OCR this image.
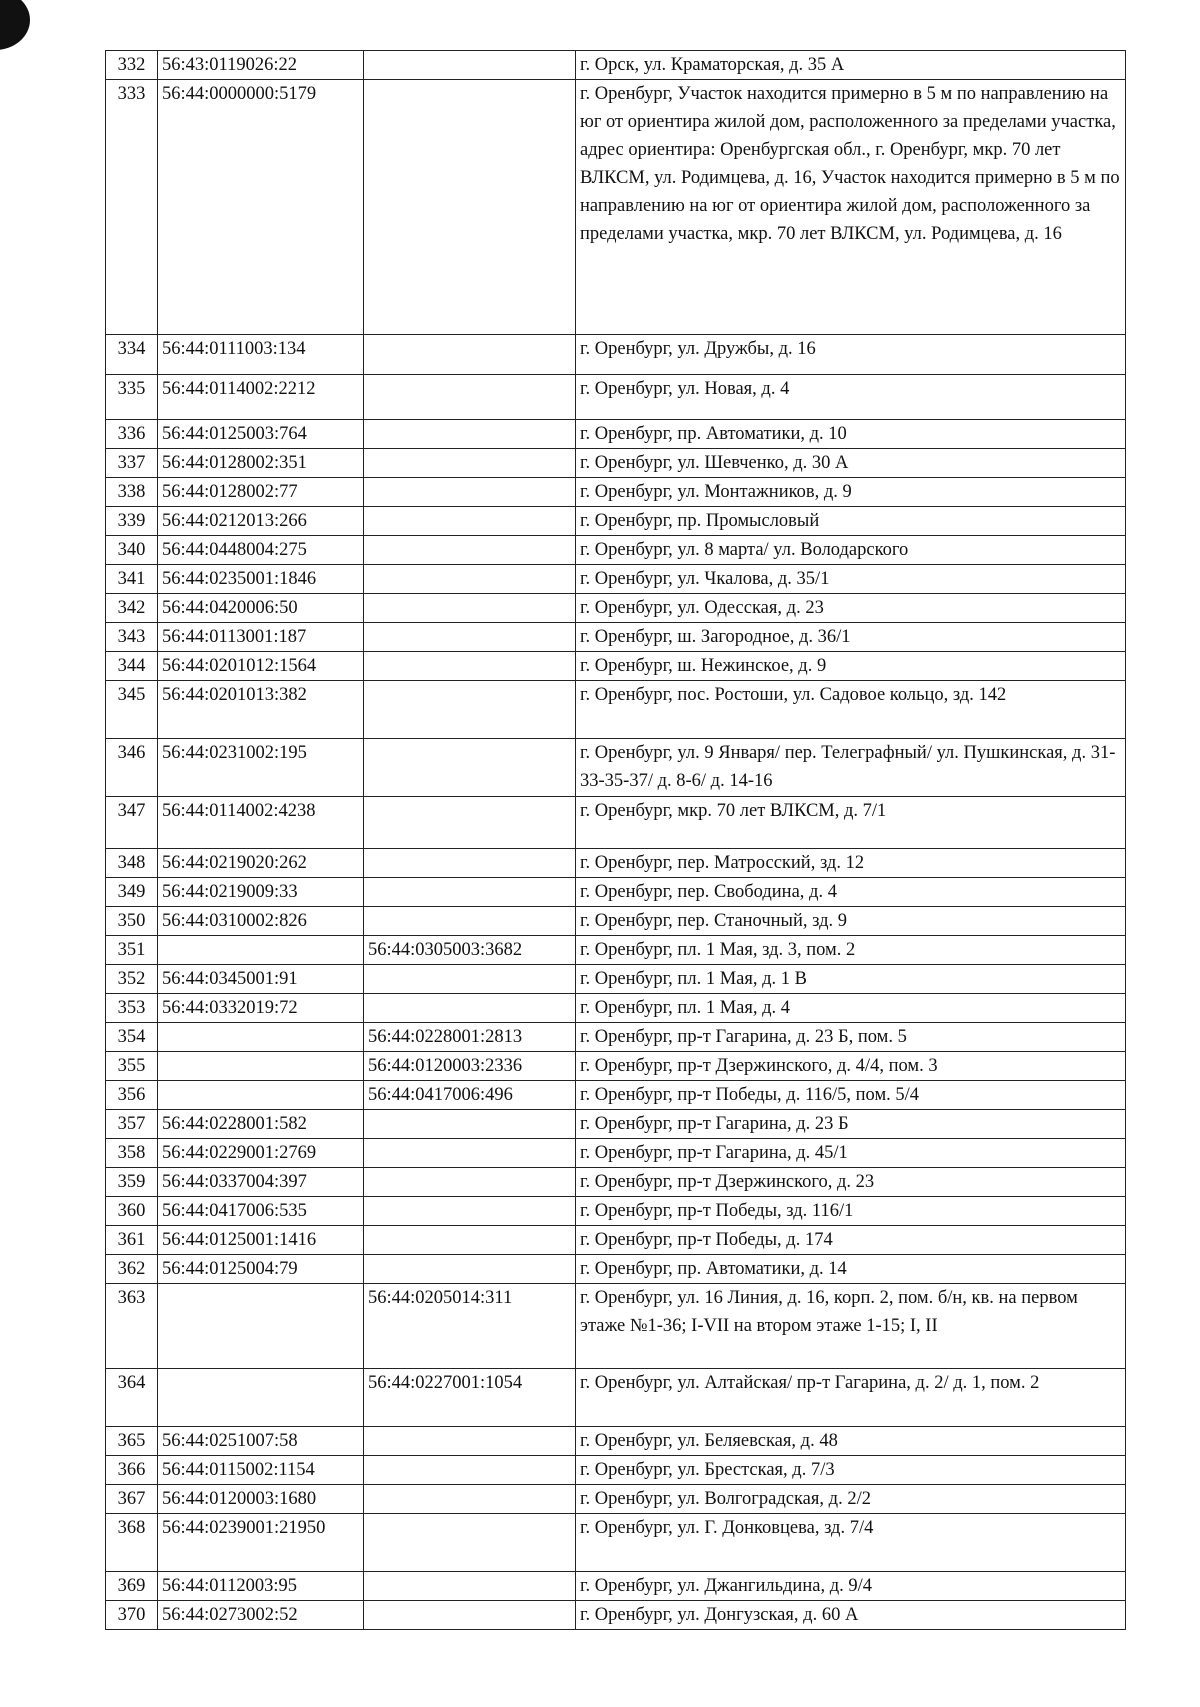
332	56:43:0119026:22		г. Орск, ул. Краматорская, д. 35 А
333	56:44:0000000:5179		г. Оренбург, Участок находится примерно в 5 м по направлению на юг от ориентира жилой дом, расположенного за пределами участка, адрес ориентира: Оренбургская обл., г. Оренбург, мкр. 70 лет ВЛКСМ, ул. Родимцева, д. 16, Участок находится примерно в 5 м по направлению на юг от ориентира жилой дом, расположенного за пределами участка, мкр. 70 лет ВЛКСМ, ул. Родимцева, д. 16
334	56:44:0111003:134		г. Оренбург, ул. Дружбы, д. 16
335	56:44:0114002:2212		г. Оренбург, ул. Новая, д. 4
336	56:44:0125003:764		г. Оренбург, пр. Автоматики, д. 10
337	56:44:0128002:351		г. Оренбург, ул. Шевченко, д. 30 А
338	56:44:0128002:77		г. Оренбург, ул. Монтажников, д. 9
339	56:44:0212013:266		г. Оренбург, пр. Промысловый
340	56:44:0448004:275		г. Оренбург, ул. 8 марта/ ул. Володарского
341	56:44:0235001:1846		г. Оренбург, ул. Чкалова, д. 35/1
342	56:44:0420006:50		г. Оренбург, ул. Одесская, д. 23
343	56:44:0113001:187		г. Оренбург, ш. Загородное, д. 36/1
344	56:44:0201012:1564		г. Оренбург, ш. Нежинское, д. 9
345	56:44:0201013:382		г. Оренбург, пос. Ростоши, ул. Садовое кольцо, зд. 142
346	56:44:0231002:195		г. Оренбург, ул. 9 Января/ пер. Телеграфный/ ул. Пушкинская, д. 31-33-35-37/ д. 8-6/ д. 14-16
347	56:44:0114002:4238		г. Оренбург, мкр. 70 лет ВЛКСМ, д. 7/1
348	56:44:0219020:262		г. Оренбург, пер. Матросский, зд. 12
349	56:44:0219009:33		г. Оренбург, пер. Свободина, д. 4
350	56:44:0310002:826		г. Оренбург, пер. Станочный, зд. 9
351		56:44:0305003:3682	г. Оренбург, пл. 1 Мая, зд. 3, пом. 2
352	56:44:0345001:91		г. Оренбург, пл. 1 Мая, д. 1 В
353	56:44:0332019:72		г. Оренбург, пл. 1 Мая, д. 4
354		56:44:0228001:2813	г. Оренбург, пр-т Гагарина, д. 23 Б, пом. 5
355		56:44:0120003:2336	г. Оренбург, пр-т Дзержинского, д. 4/4, пом. 3
356		56:44:0417006:496	г. Оренбург, пр-т Победы, д. 116/5, пом. 5/4
357	56:44:0228001:582		г. Оренбург, пр-т Гагарина, д. 23 Б
358	56:44:0229001:2769		г. Оренбург, пр-т Гагарина, д. 45/1
359	56:44:0337004:397		г. Оренбург, пр-т Дзержинского, д. 23
360	56:44:0417006:535		г. Оренбург, пр-т Победы, зд. 116/1
361	56:44:0125001:1416		г. Оренбург, пр-т Победы, д. 174
362	56:44:0125004:79		г. Оренбург, пр. Автоматики, д. 14
363		56:44:0205014:311	г. Оренбург, ул. 16 Линия, д. 16, корп. 2, пом. б/н, кв. на первом этаже №1-36; I-VII на втором этаже 1-15; I, II
364		56:44:0227001:1054	г. Оренбург, ул. Алтайская/ пр-т Гагарина, д. 2/ д. 1, пом. 2
365	56:44:0251007:58		г. Оренбург, ул. Беляевская, д. 48
366	56:44:0115002:1154		г. Оренбург, ул. Брестская, д. 7/3
367	56:44:0120003:1680		г. Оренбург, ул. Волгоградская, д. 2/2
368	56:44:0239001:21950		г. Оренбург, ул. Г. Донковцева, зд. 7/4
369	56:44:0112003:95		г. Оренбург, ул. Джангильдина, д. 9/4
370	56:44:0273002:52		г. Оренбург, ул. Донгузская, д. 60 А
